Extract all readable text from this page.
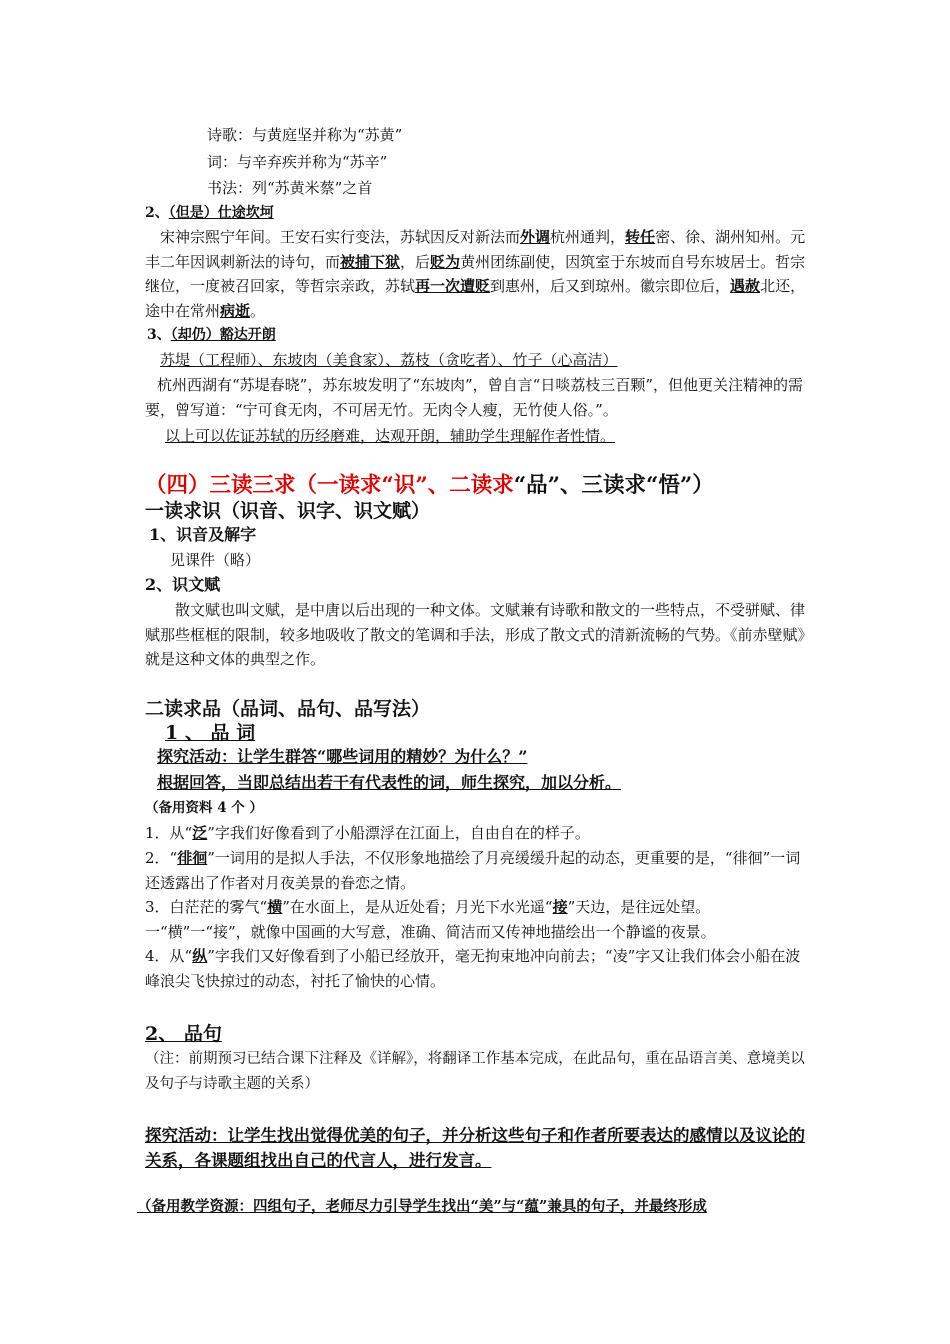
诗歌：与黄庭坚并称为“苏黄”
词：与辛弃疾并称为“苏辛”
书法：列“苏黄米蔡”之首
2、（但是）仕途坎坷
宋神宗熙宁年间。王安石实行变法，苏轼因反对新法而外调杭州通判，转任密、徐、湖州知州。元丰二年因讽刺新法的诗句，而被捕下狱，后贬为黄州团练副使，因筑室于东坡而自号东坡居士。哲宗继位，一度被召回家，等哲宗亲政，苏轼再一次遭贬到惠州，后又到琼州。徽宗即位后，遇赦北还，途中在常州病逝。
3、（却仍）豁达开朗
苏堤（工程师）、东坡肉（美食家）、荔枝（贪吃者）、竹子（心高洁）
杭州西湖有“苏堤春晓”，苏东坡发明了“东坡肉”，曾自言“日啖荔枝三百颗”，但他更关注精神的需要，曾写道：“宁可食无肉，不可居无竹。无肉令人瘦，无竹使人俗。”。
以上可以佐证苏轼的历经磨难，达观开朗，辅助学生理解作者性情。
（四）三读三求（一读求“识”、二读求“品”、三读求“悟”）
一读求识（识音、识字、识文赋）
1、识音及解字
见课件（略）
2、识文赋
散文赋也叫文赋，是中唐以后出现的一种文体。文赋兼有诗歌和散文的一些特点，不受骈赋、律赋那些框框的限制，较多地吸收了散文的笔调和手法，形成了散文式的清新流畅的气势。《前赤壁赋》就是这种文体的典型之作。
二读求品（品词、品句、品写法）
1 、 品 词
探究活动：让学生群答“哪些词用的精妙？为什么？”
根据回答，当即总结出若干有代表性的词，师生探究，加以分析。
（备用资料 4 个 ）
1．从“泛”字我们好像看到了小船漂浮在江面上，自由自在的样子。
2．“徘徊”一词用的是拟人手法，不仅形象地描绘了月亮缓缓升起的动态，更重要的是，“徘徊”一词还透露出了作者对月夜美景的眷恋之情。
3．白茫茫的雾气“横”在水面上，是从近处看；月光下水光遥“接”天边，是往远处望。一“横”一“接”，就像中国画的大写意，准确、简洁而又传神地描绘出一个静谧的夜景。
4．从“纵”字我们又好像看到了小船已经放开，毫无拘束地冲向前去；“凌”字又让我们体会小船在波峰浪尖飞快掠过的动态，衬托了愉快的心情。
2、 品句
（注：前期预习已结合课下注释及《详解》，将翻译工作基本完成，在此品句，重在品语言美、意境美以及句子与诗歌主题的关系）
探究活动：让学生找出觉得优美的句子，并分析这些句子和作者所要表达的感情以及议论的关系，各课题组找出自己的代言人，进行发言。
（备用教学资源：四组句子，老师尽力引导学生找出“美”与“蕴”兼具的句子，并最终形成
